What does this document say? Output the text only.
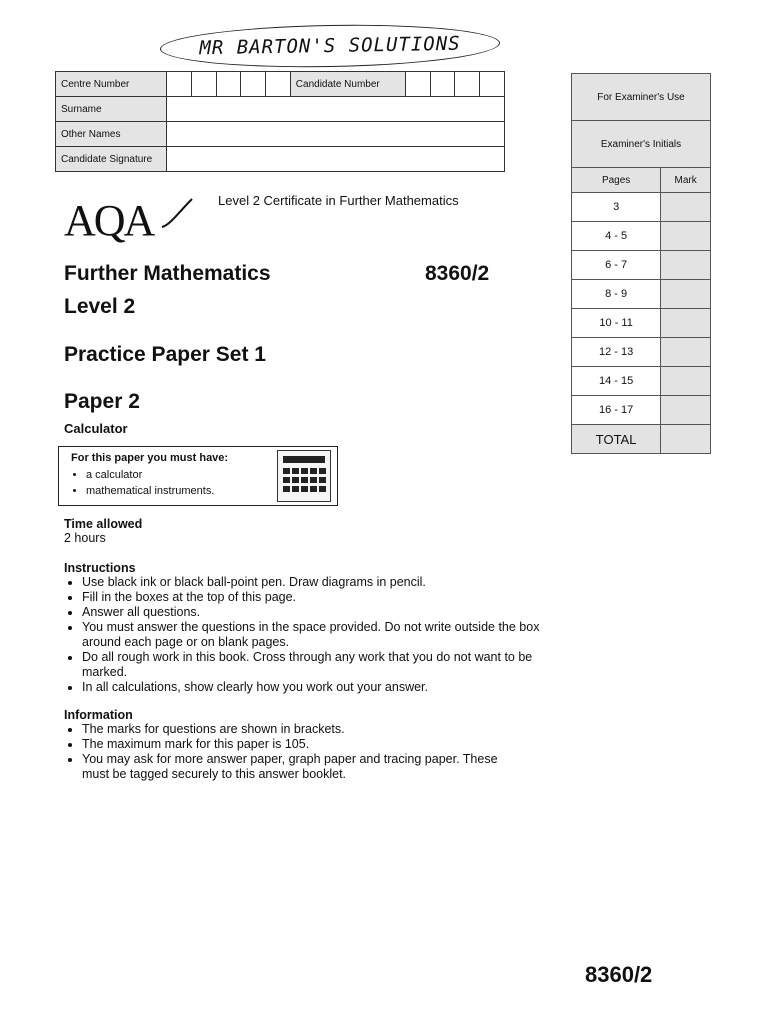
MR BARTON'S SOLUTIONS
Centre Number						Candidate Number				
Surname										
Other Names										
Candidate Signature										
For Examiner's Use	
Examiner's Initials	
Pages	Mark
3	
4 - 5	
6 - 7	
8 - 9	
10 - 11	
12 - 13	
14 - 15	
16 - 17	
TOTAL	
AQA	Level 2 Certificate in Further Mathematics
Further Mathematics	8360/2
Level 2
Practice Paper Set 1
Paper 2
Calculator
For this paper you must have:
• a calculator
• mathematical instruments.
Time allowed
2 hours
Instructions
• Use black ink or black ball-point pen. Draw diagrams in pencil.
• Fill in the boxes at the top of this page.
• Answer all questions.
• You must answer the questions in the space provided. Do not write outside the box around each page or on blank pages.
• Do all rough work in this book. Cross through any work that you do not want to be marked.
• In all calculations, show clearly how you work out your answer.
Information
• The marks for questions are shown in brackets.
• The maximum mark for this paper is 105.
• You may ask for more answer paper, graph paper and tracing paper. These must be tagged securely to this answer booklet.
8360/2
